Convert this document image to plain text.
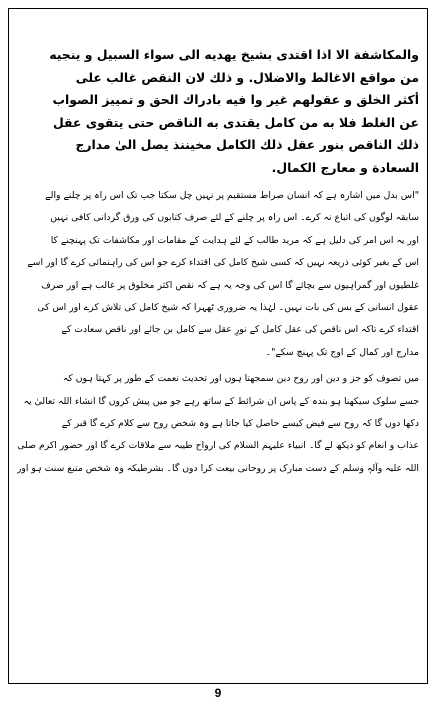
والمكاشفة الا اذا اقتدى بشيخ يهديه الى سواء السبيل و ينجيه
من مواقع الاغالط والاضلال. و ذلك لان النقص غالب على
أكثر الخلق و عقولهم غير وا فيه بادراك الحق و تمييز الصواب
عن الغلط فلا به من كامل يقتدى به الناقص حتى يتقوى عقل
ذلك الناقص بنور عقل ذلك الكامل مخيننذ يصل الىٰ مدارج
السعادة و معارج الكمال.
"اس بدل میں اشارہ ہے کہ انسان صراط مستقیم پر نہیں چل سکتا جب تک اس راہ پر چلنے والے
سابقہ لوگوں کی اتباع نہ کرے۔ اس راہ پر چلنے کے لئے صرف کتابوں کی ورق گردانی کافی نہیں
اور یہ اس امر کی دلیل ہے کہ مرید طالب کے لئے ہدایت کے مقامات اور مکاشفات تک پہنچنے کا
اس کے بغیر کوئی ذریعہ نہیں کہ کسی شیخ کامل کی اقتداء کرے جو اس کی راہنمائی کرے گا اور اسے
غلطیوں اور گمراہیوں سے بچائے گا اس کی وجہ یہ ہے کہ نقص اکثر مخلوق پر غالب ہے اور صرف
عقول انسانی کے بس کی بات نہیں۔ لہٰذا یہ ضروری ٹھہرا کہ شیخ کامل کی تلاش کرے اور اس کی
اقتداء کرے تاکہ اس ناقص کی عقل کامل کے نورِ عقل سے کامل بن جائے اور ناقص سعادت کے
مدارج اور کمال کے اوج تک پہنچ سکے"۔
میں تصوف کو جز و دین اور روح دین سمجھتا ہوں اور تحدیث نعمت کے طور پر کہتا ہوں کہ
جسے سلوک سیکھنا ہو بندہ کے پاس ان شرائط کے ساتھ رہے جو میں پیش کروں گا انشاء اللہ تعالیٰ یہ
دکھا دوں گا کہ روح سے فیض کیسے حاصل کیا جاتا ہے وہ شخص روح سے کلام کرے گا قبر کے
عذاب و انعام کو دیکھ لے گا۔ انبیاء علیہم السلام کی ارواح طیبہ سے ملاقات کرے گا اور حضور اکرم صلی
اللہ علیہ وآلہٖ وسلم کے دست مبارک پر روحانی بیعت کرا دوں گا۔ بشرطیکہ وہ شخص متبع سنت ہو اور
9
